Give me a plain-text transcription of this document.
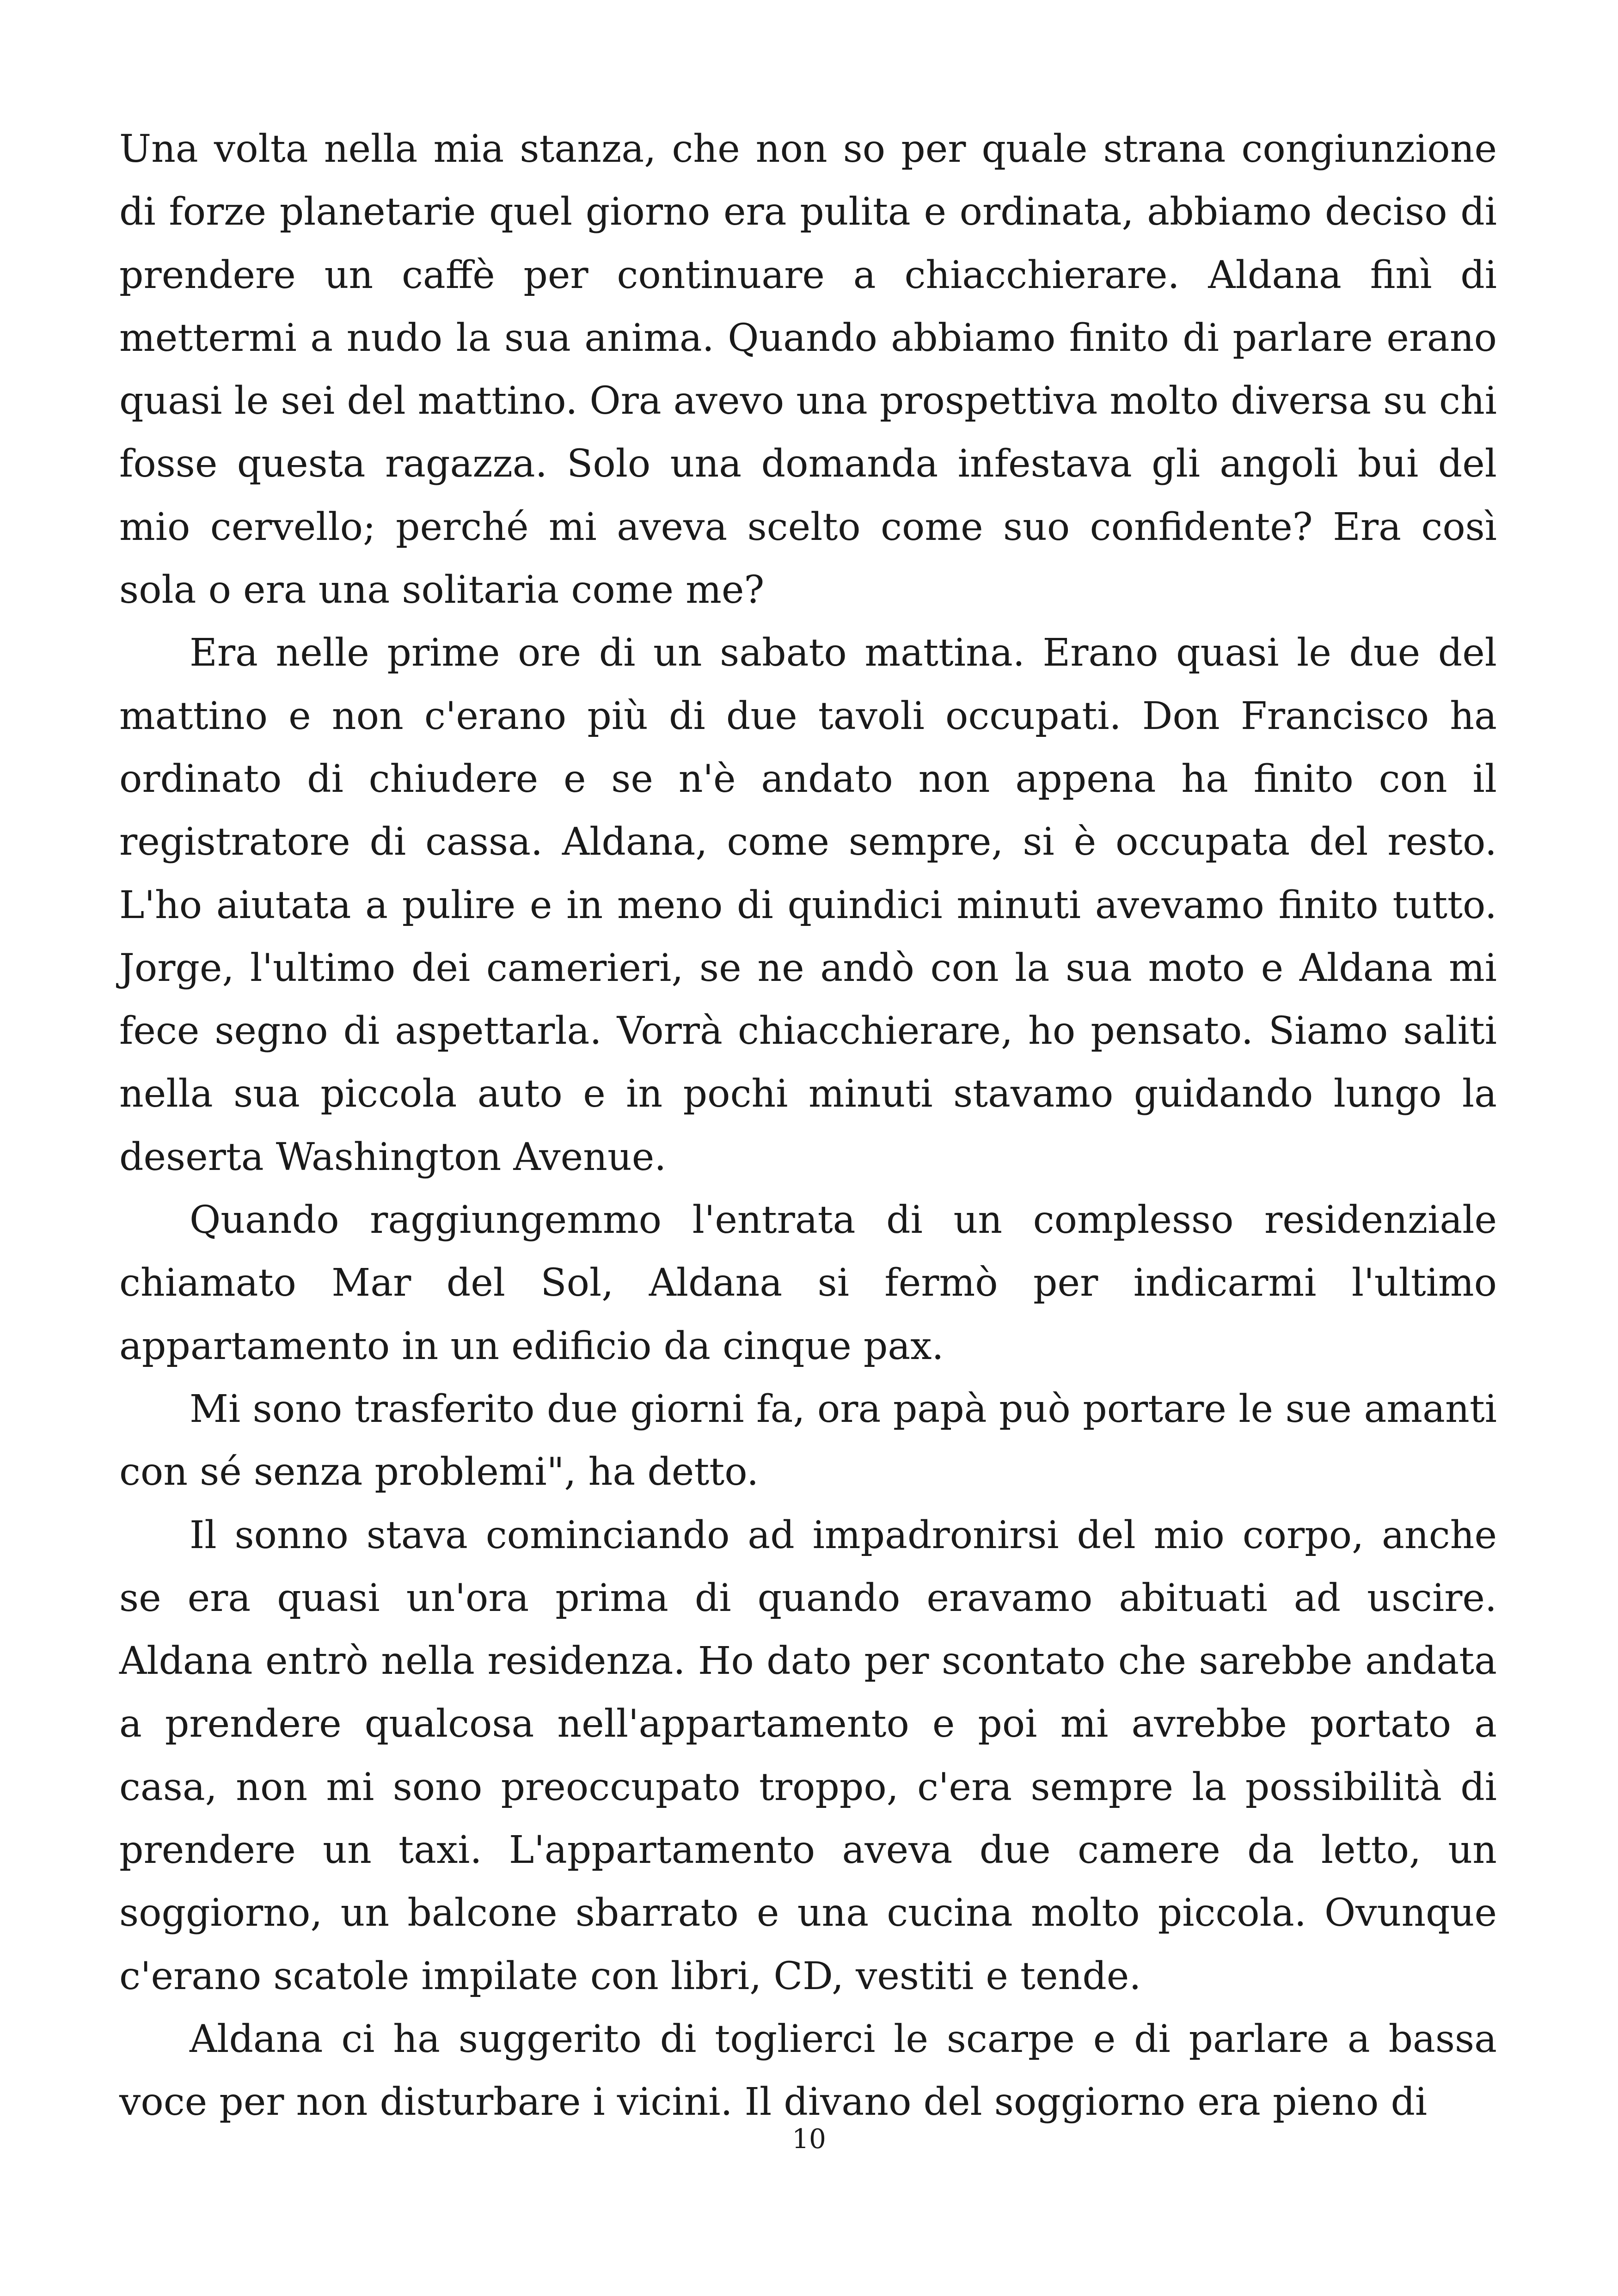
Una volta nella mia stanza, che non so per quale strana congiunzione di forze planetarie quel giorno era pulita e ordinata, abbiamo deciso di prendere un caffè per continuare a chiacchierare. Aldana finì di mettermi a nudo la sua anima. Quando abbiamo finito di parlare erano quasi le sei del mattino. Ora avevo una prospettiva molto diversa su chi fosse questa ragazza. Solo una domanda infestava gli angoli bui del mio cervello; perché mi aveva scelto come suo confidente? Era così sola o era una solitaria come me?

Era nelle prime ore di un sabato mattina. Erano quasi le due del mattino e non c'erano più di due tavoli occupati. Don Francisco ha ordinato di chiudere e se n'è andato non appena ha finito con il registratore di cassa. Aldana, come sempre, si è occupata del resto. L'ho aiutata a pulire e in meno di quindici minuti avevamo finito tutto. Jorge, l'ultimo dei camerieri, se ne andò con la sua moto e Aldana mi fece segno di aspettarla. Vorrà chiacchierare, ho pensato. Siamo saliti nella sua piccola auto e in pochi minuti stavamo guidando lungo la deserta Washington Avenue.

Quando raggiungemmo l'entrata di un complesso residenziale chiamato Mar del Sol, Aldana si fermò per indicarmi l'ultimo appartamento in un edificio da cinque pax.

Mi sono trasferito due giorni fa, ora papà può portare le sue amanti con sé senza problemi", ha detto.

Il sonno stava cominciando ad impadronirsi del mio corpo, anche se era quasi un'ora prima di quando eravamo abituati ad uscire. Aldana entrò nella residenza. Ho dato per scontato che sarebbe andata a prendere qualcosa nell'appartamento e poi mi avrebbe portato a casa, non mi sono preoccupato troppo, c'era sempre la possibilità di prendere un taxi. L'appartamento aveva due camere da letto, un soggiorno, un balcone sbarrato e una cucina molto piccola. Ovunque c'erano scatole impilate con libri, CD, vestiti e tende.

Aldana ci ha suggerito di toglierci le scarpe e di parlare a bassa voce per non disturbare i vicini. Il divano del soggiorno era pieno di

10
